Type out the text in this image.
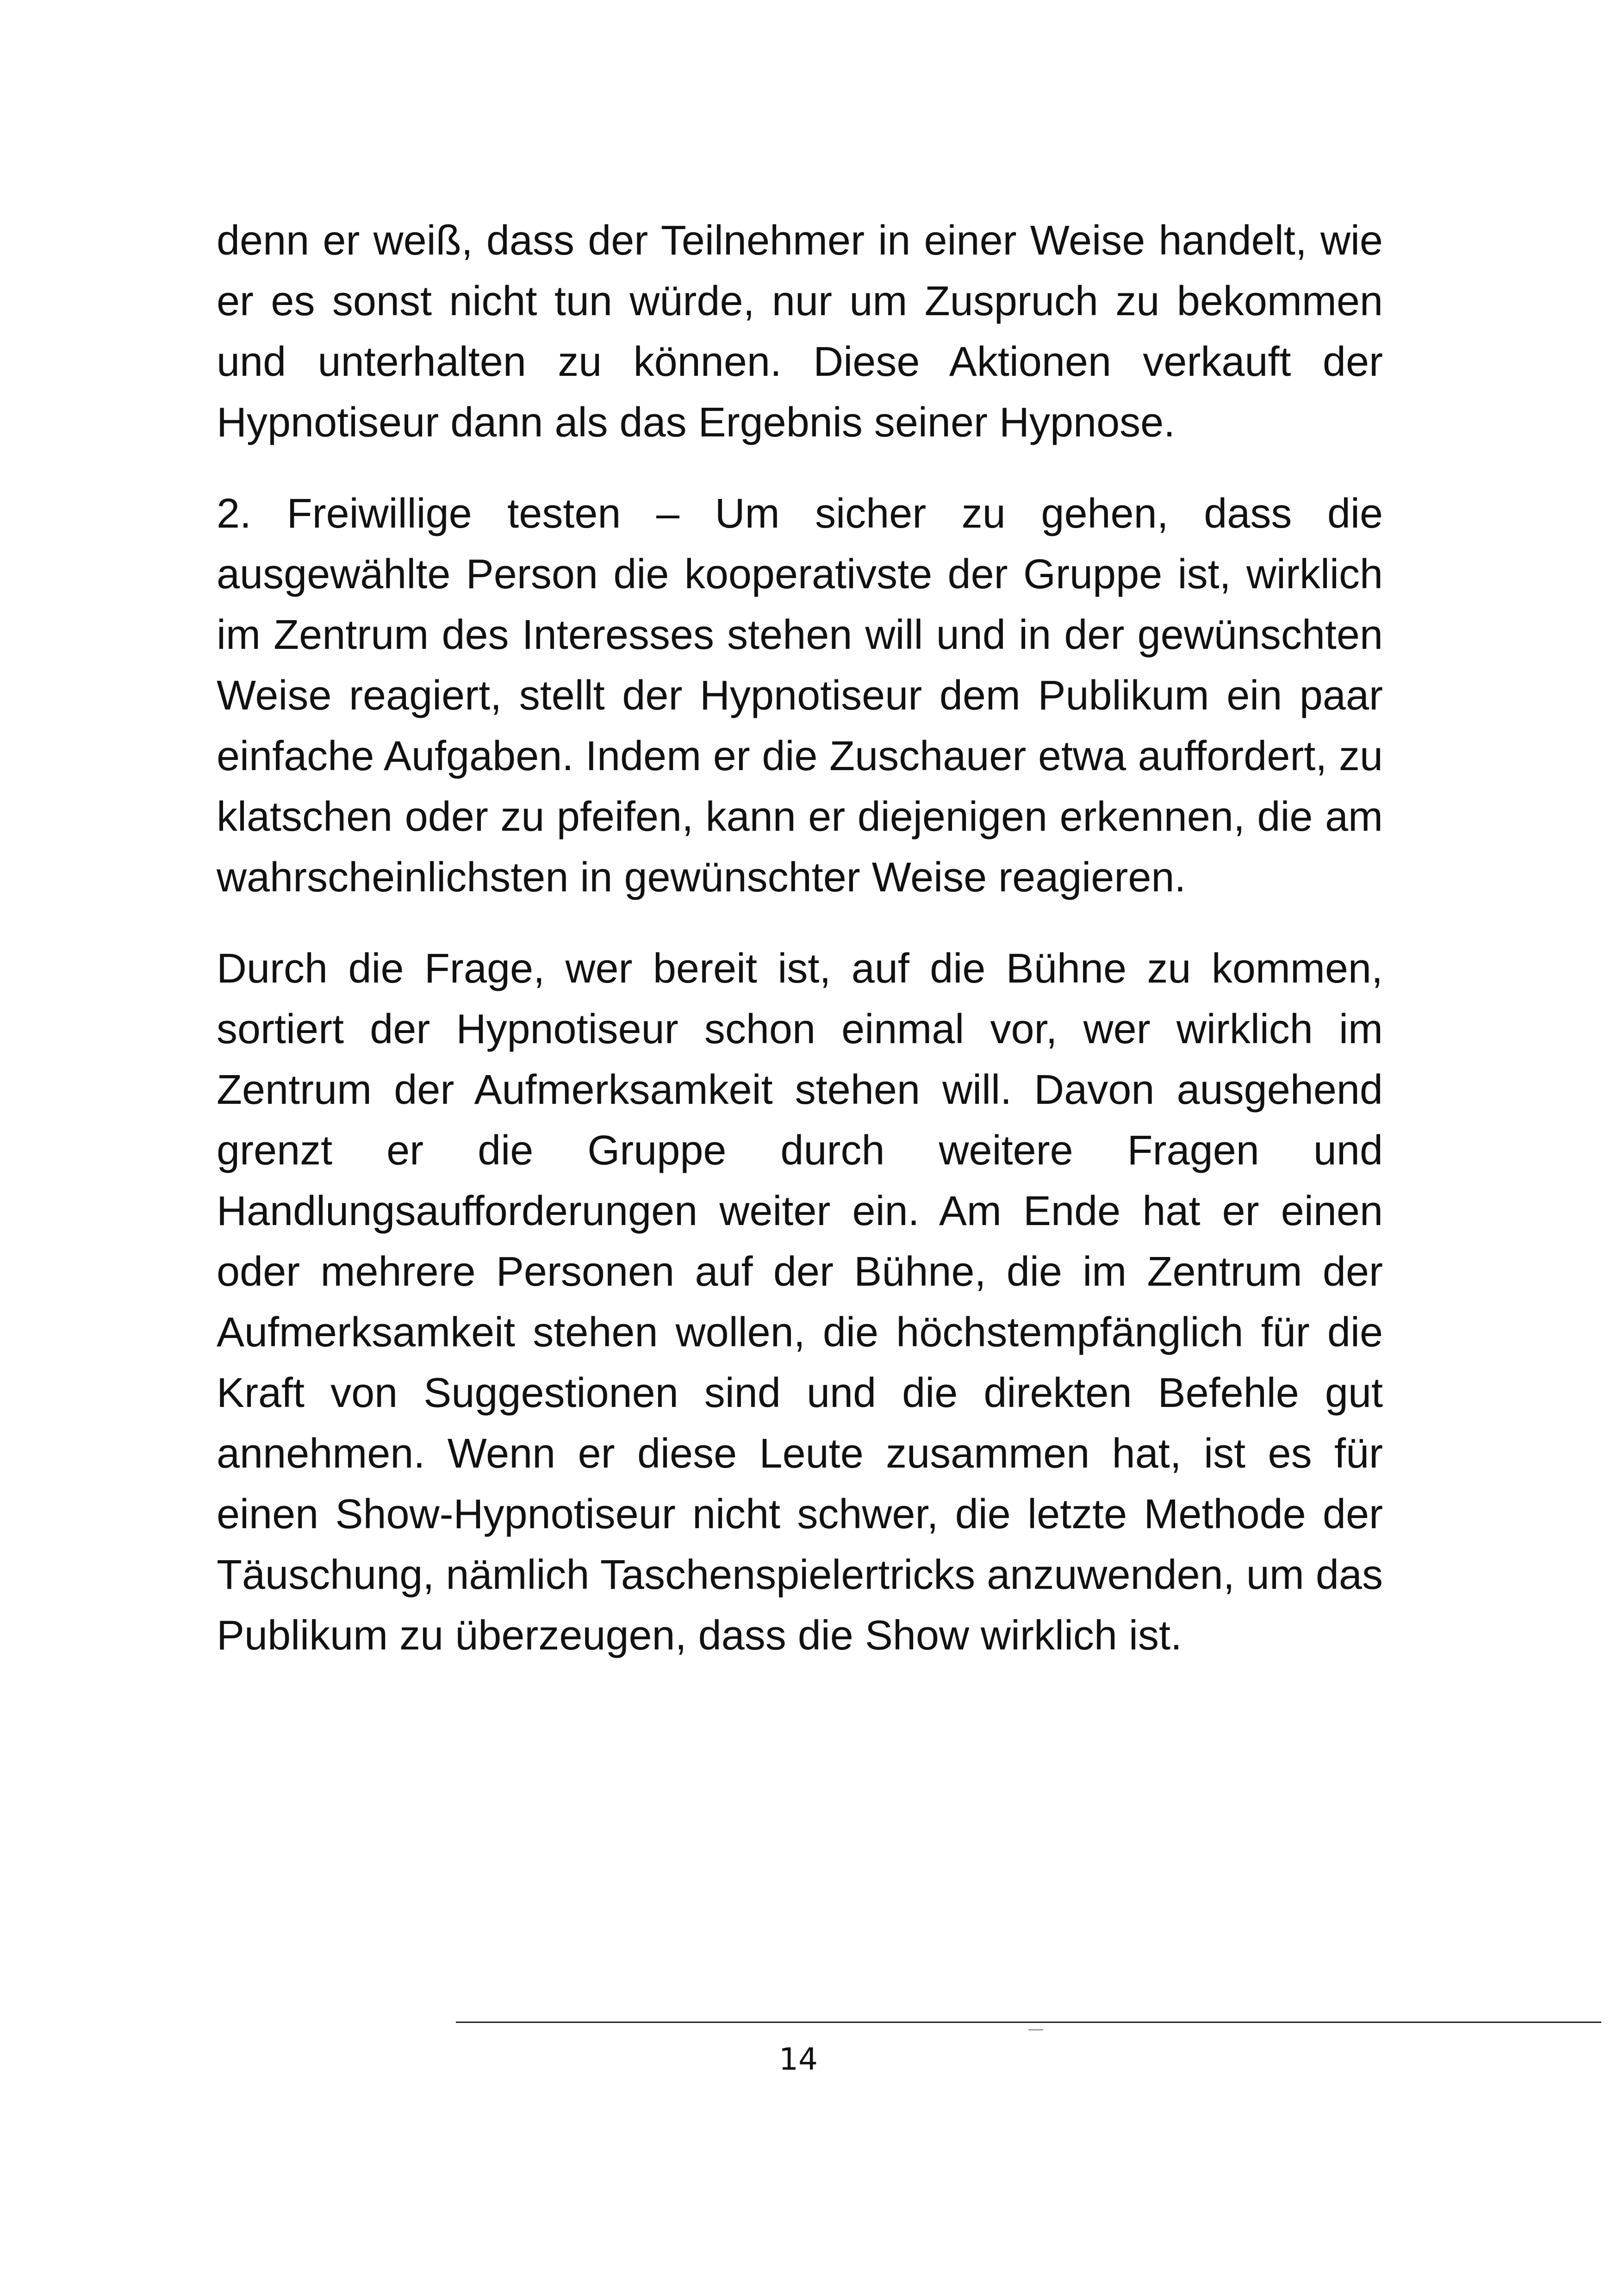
denn er weiß, dass der Teilnehmer in einer Weise handelt, wie er es sonst nicht tun würde, nur um Zuspruch zu bekommen und unterhalten zu können. Diese Aktionen verkauft der Hypnotiseur dann als das Ergebnis seiner Hypnose.

2. Freiwillige testen – Um sicher zu gehen, dass die ausgewählte Person die kooperativste der Gruppe ist, wirklich im Zentrum des Interesses stehen will und in der gewünschten Weise reagiert, stellt der Hypnotiseur dem Publikum ein paar einfache Aufgaben. Indem er die Zuschauer etwa auffordert, zu klatschen oder zu pfeifen, kann er diejenigen erkennen, die am wahrscheinlichsten in gewünschter Weise reagieren.

Durch die Frage, wer bereit ist, auf die Bühne zu kommen, sortiert der Hypnotiseur schon einmal vor, wer wirklich im Zentrum der Aufmerksamkeit stehen will. Davon ausgehend grenzt er die Gruppe durch weitere Fragen und Handlungsaufforderungen weiter ein. Am Ende hat er einen oder mehrere Personen auf der Bühne, die im Zentrum der Aufmerksamkeit stehen wollen, die höchstempfänglich für die Kraft von Suggestionen sind und die direkten Befehle gut annehmen. Wenn er diese Leute zusammen hat, ist es für einen Show-Hypnotiseur nicht schwer, die letzte Methode der Täuschung, nämlich Taschenspielertricks anzuwenden, um das Publikum zu überzeugen, dass die Show wirklich ist.

14
